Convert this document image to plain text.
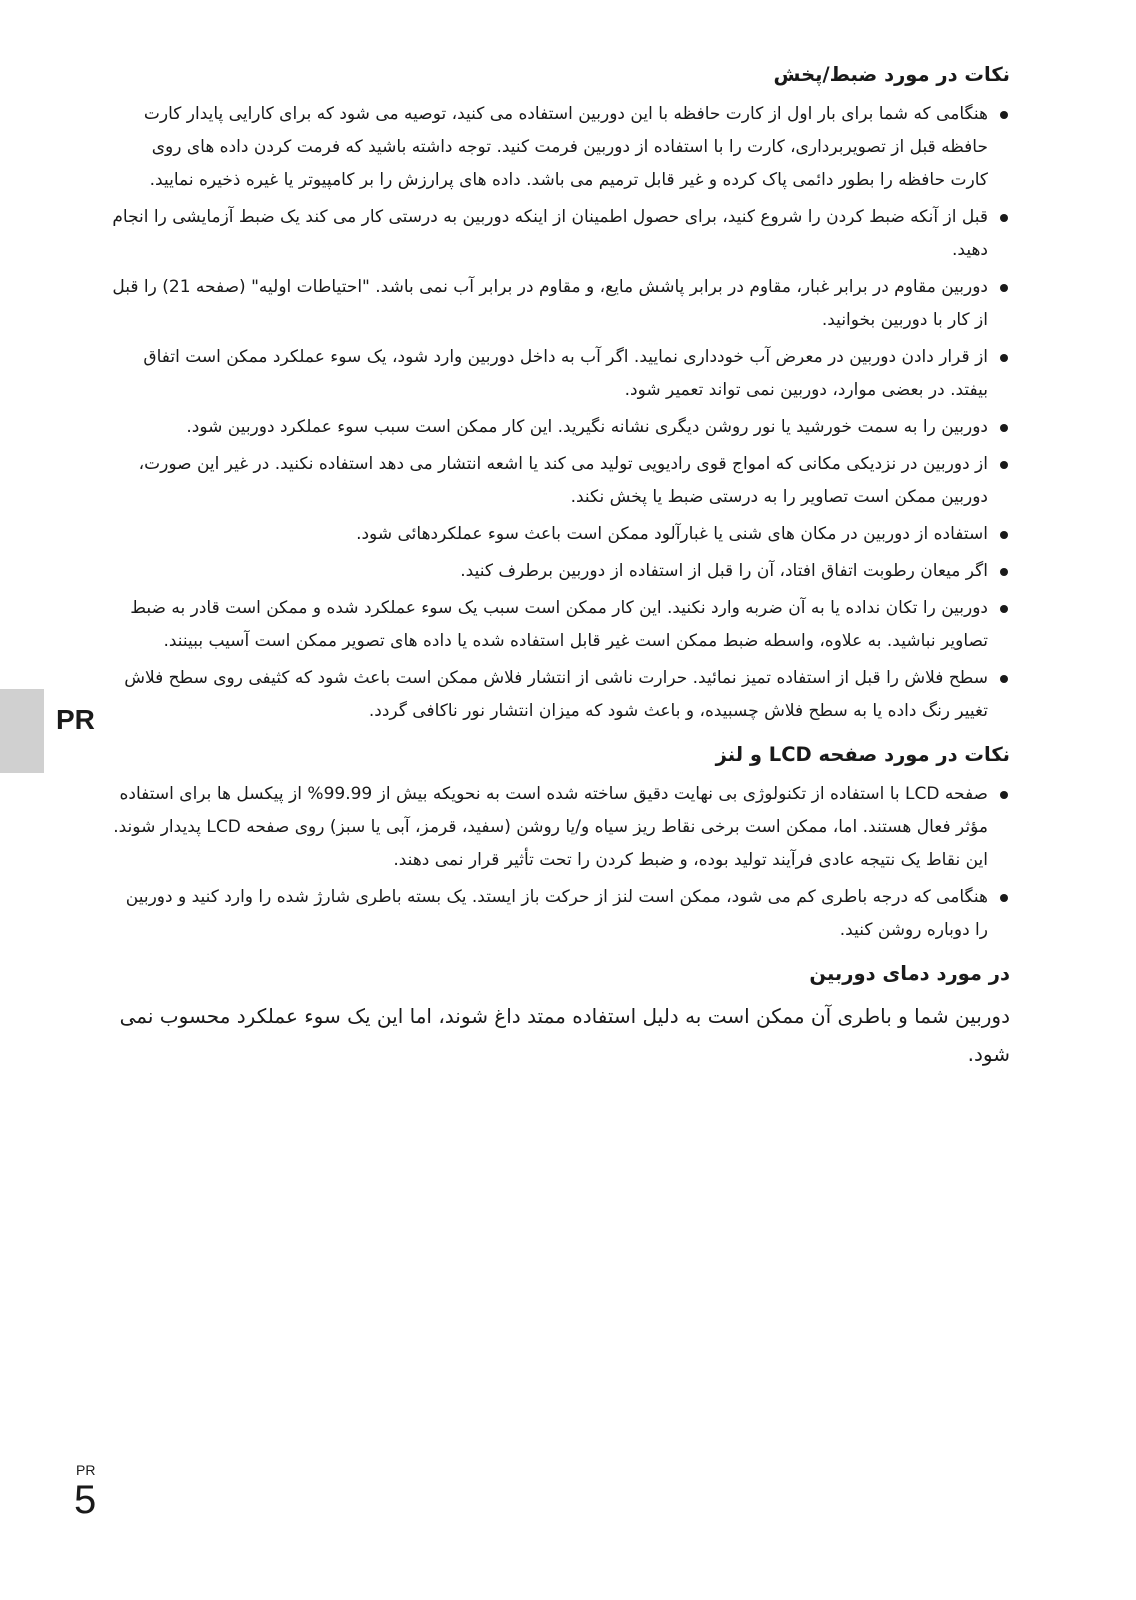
نکات در مورد ضبط/پخش
هنگامی که شما برای بار اول از کارت حافظه با این دوربین استفاده می کنید، توصیه می شود که برای کارایی پایدار کارت حافظه قبل از تصویربرداری، کارت را با استفاده از دوربین فرمت کنید. توجه داشته باشید که فرمت کردن داده های روی کارت حافظه را بطور دائمی پاک کرده و غیر قابل ترمیم می باشد. داده های پرارزش را بر کامپیوتر یا غیره ذخیره نمایید.
قبل از آنکه ضبط کردن را شروع کنید، برای حصول اطمینان از اینکه دوربین به درستی کار می کند یک ضبط آزمایشی را انجام دهید.
دوربین مقاوم در برابر غبار، مقاوم در برابر پاشش مایع، و مقاوم در برابر آب نمی باشد. "احتیاطات اولیه" (صفحه 21) را قبل از کار با دوربین بخوانید.
از قرار دادن دوربین در معرض آب خودداری نمایید. اگر آب به داخل دوربین وارد شود، یک سوء عملکرد ممکن است اتفاق بیفتد. در بعضی موارد، دوربین نمی تواند تعمیر شود.
دوربین را به سمت خورشید یا نور روشن دیگری نشانه نگیرید. این کار ممکن است سبب سوء عملکرد دوربین شود.
از دوربین در نزدیکی مکانی که امواج قوی رادیویی تولید می کند یا اشعه انتشار می دهد استفاده نکنید. در غیر این صورت، دوربین ممکن است تصاویر را به درستی ضبط یا پخش نکند.
استفاده از دوربین در مکان های شنی یا غبارآلود ممکن است باعث سوء عملکردهائی شود.
اگر میعان رطوبت اتفاق افتاد، آن را قبل از استفاده از دوربین برطرف کنید.
دوربین را تکان نداده یا به آن ضربه وارد نکنید. این کار ممکن است سبب یک سوء عملکرد شده و ممکن است قادر به ضبط تصاویر نباشید. به علاوه، واسطه ضبط ممکن است غیر قابل استفاده شده یا داده های تصویر ممکن است آسیب ببینند.
سطح فلاش را قبل از استفاده تمیز نمائید. حرارت ناشی از انتشار فلاش ممکن است باعث شود که کثیفی روی سطح فلاش تغییر رنگ داده یا به سطح فلاش چسبیده، و باعث شود که میزان انتشار نور ناکافی گردد.
نکات در مورد صفحه LCD و لنز
صفحه LCD با استفاده از تکنولوژی بی نهایت دقیق ساخته شده است به نحویکه بیش از 99.99% از پیکسل ها برای استفاده مؤثر فعال هستند. اما، ممکن است برخی نقاط ریز سیاه و/یا روشن (سفید، قرمز، آبی یا سبز) روی صفحه LCD پدیدار شوند. این نقاط یک نتیجه عادی فرآیند تولید بوده، و ضبط کردن را تحت تأثیر قرار نمی دهند.
هنگامی که درجه باطری کم می شود، ممکن است لنز از حرکت باز ایستد. یک بسته باطری شارژ شده را وارد کنید و دوربین را دوباره روشن کنید.
در مورد دمای دوربین

دوربین شما و باطری آن ممکن است به دلیل استفاده ممتد داغ شوند، اما این یک سوء عملکرد محسوب نمی شود.

PR
PR
5
